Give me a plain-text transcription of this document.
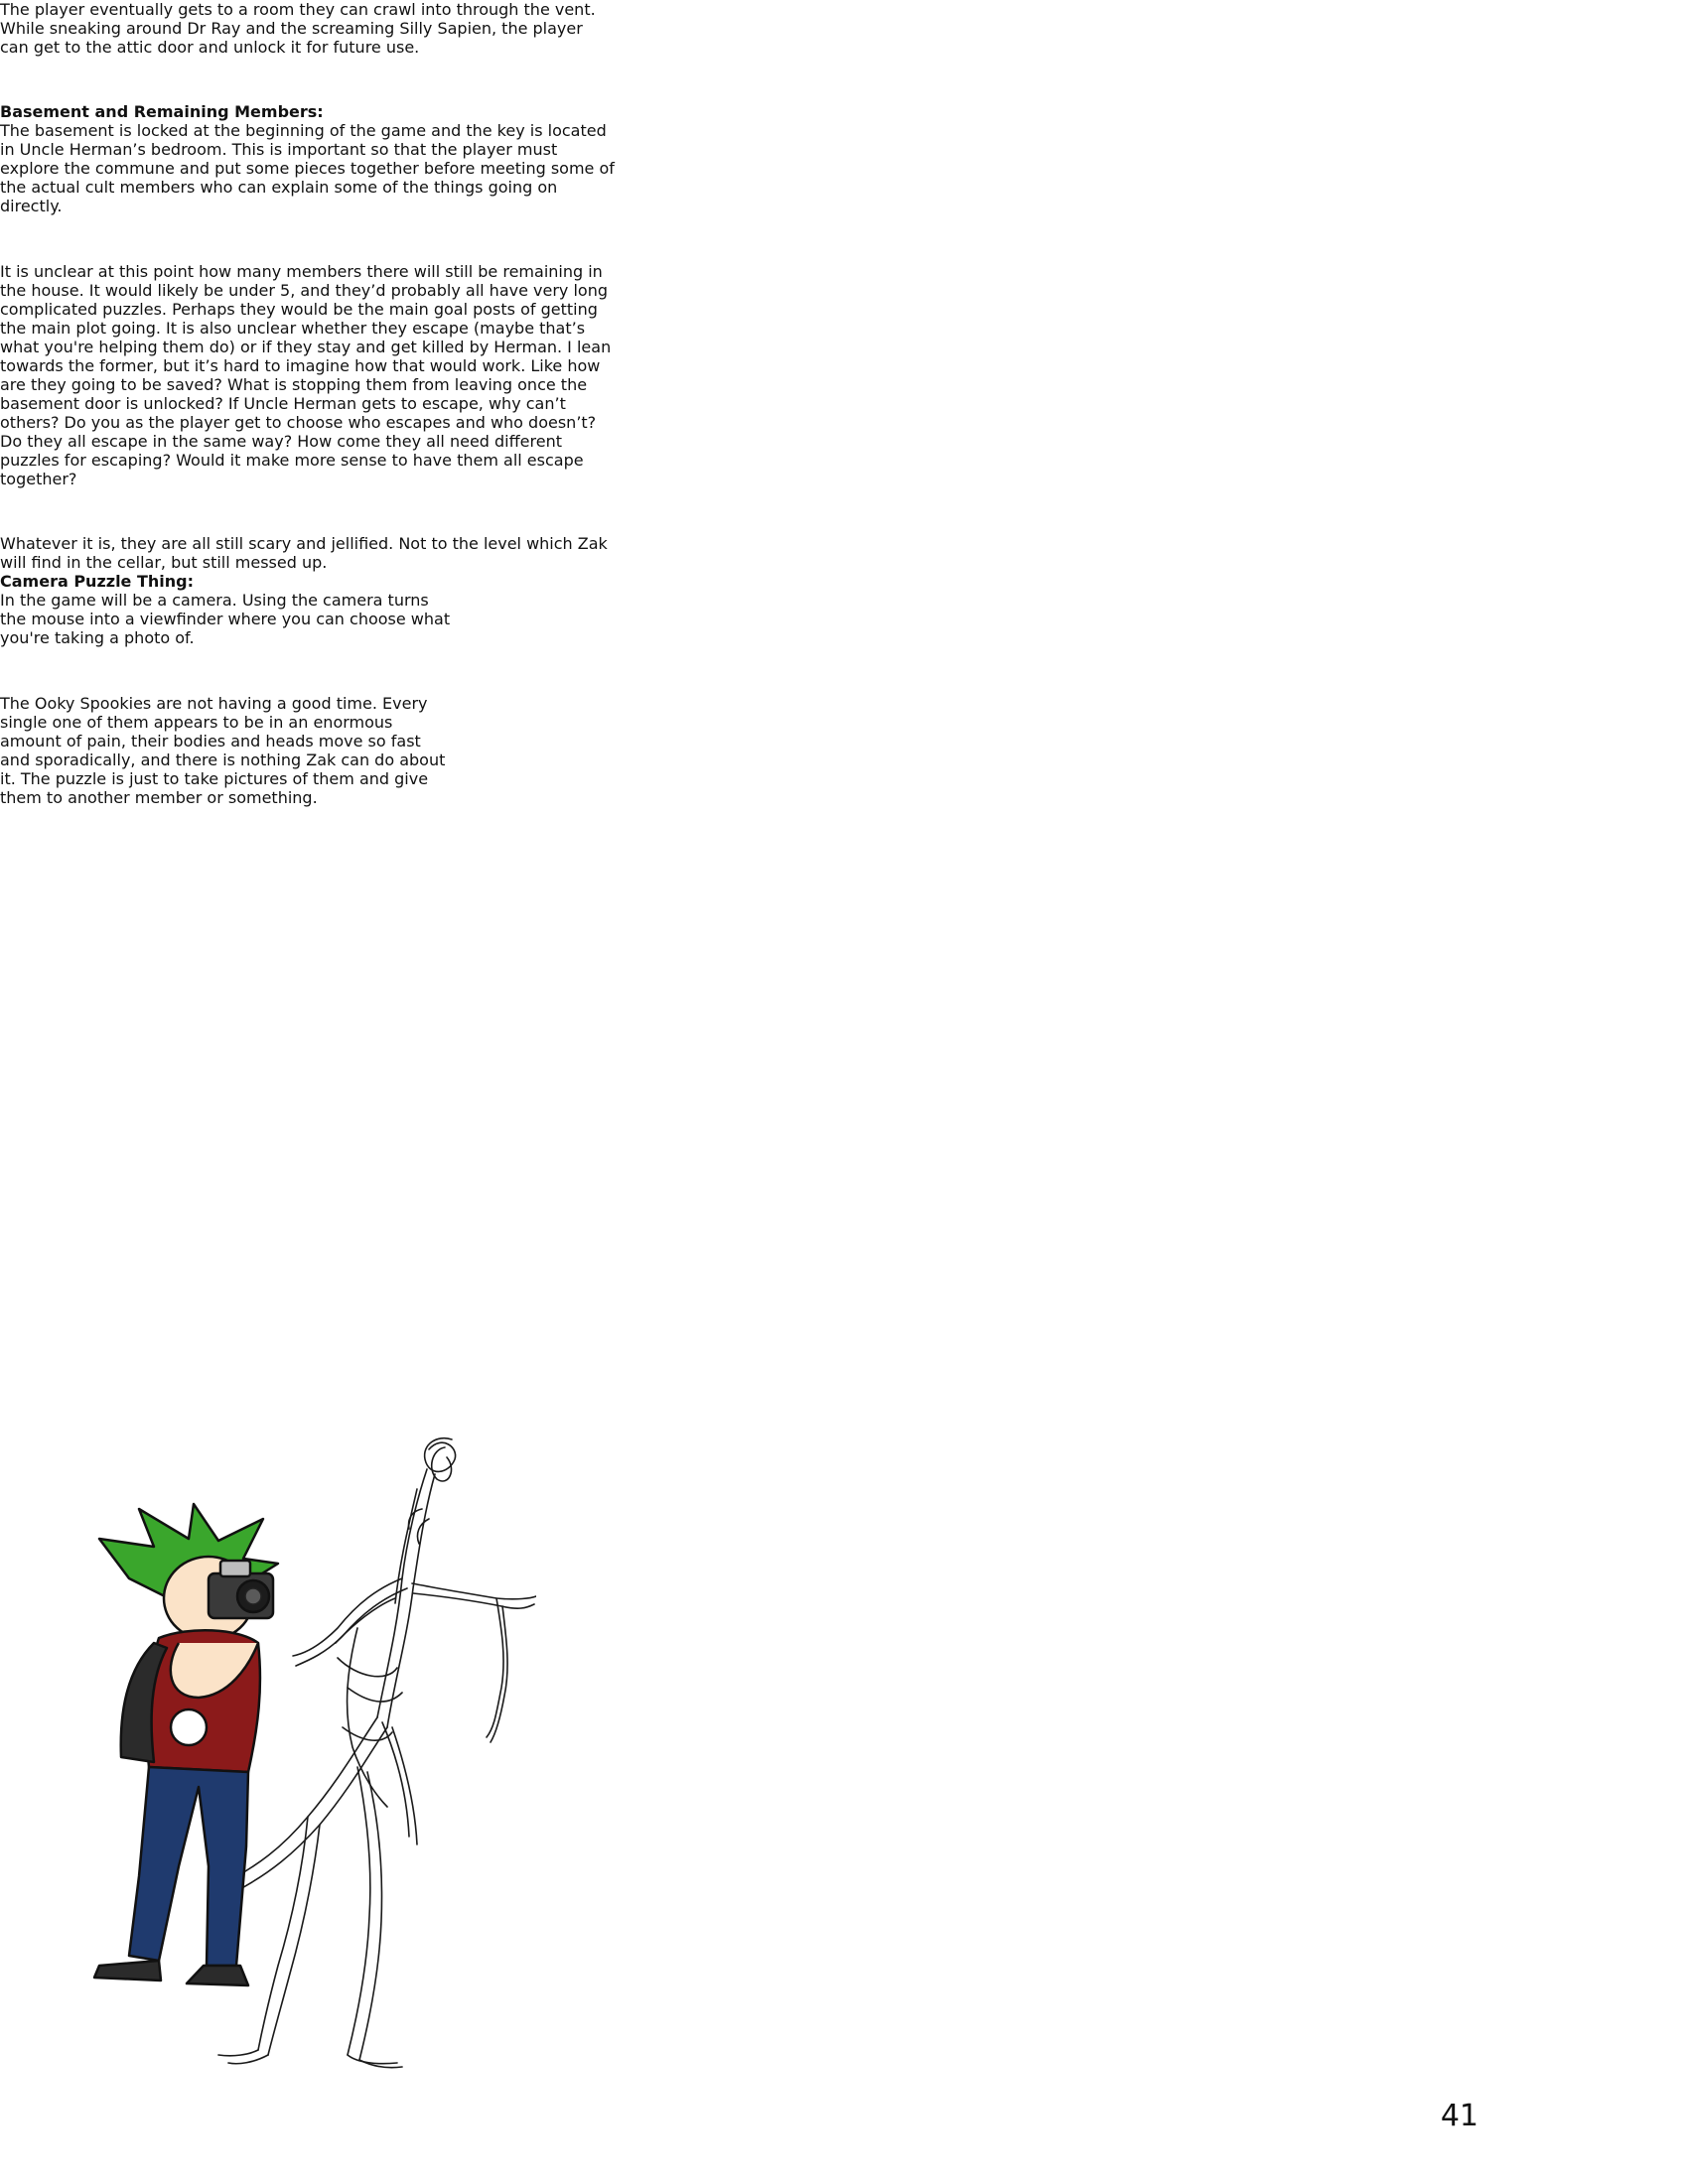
The player eventually gets to a room they can crawl into through the vent.
While sneaking around Dr Ray and the screaming Silly Sapien, the player
can get to the attic door and unlock it for future use.

Basement and Remaining Members:

The basement is locked at the beginning of the game and the key is located
in Uncle Herman’s bedroom. This is important so that the player must
explore the commune and put some pieces together before meeting some of
the actual cult members who can explain some of the things going on
directly.

It is unclear at this point how many members there will still be remaining in
the house. It would likely be under 5, and they’d probably all have very long
complicated puzzles. Perhaps they would be the main goal posts of getting
the main plot going. It is also unclear whether they escape (maybe that’s
what you're helping them do) or if they stay and get killed by Herman. I lean
towards the former, but it’s hard to imagine how that would work. Like how
are they going to be saved? What is stopping them from leaving once the
basement door is unlocked? If Uncle Herman gets to escape, why can’t
others? Do you as the player get to choose who escapes and who doesn’t?
Do they all escape in the same way? How come they all need different
puzzles for escaping? Would it make more sense to have them all escape
together?

Whatever it is, they are all still scary and jellified. Not to the level which Zak
will find in the cellar, but still messed up.

Camera Puzzle Thing:

In the game will be a camera. Using the camera turns
the mouse into a viewfinder where you can choose what
you're taking a photo of.

The Ooky Spookies are not having a good time. Every
single one of them appears to be in an enormous
amount of pain, their bodies and heads move so fast
and sporadically, and there is nothing Zak can do about
it. The puzzle is just to take pictures of them and give
them to another member or something.

41
